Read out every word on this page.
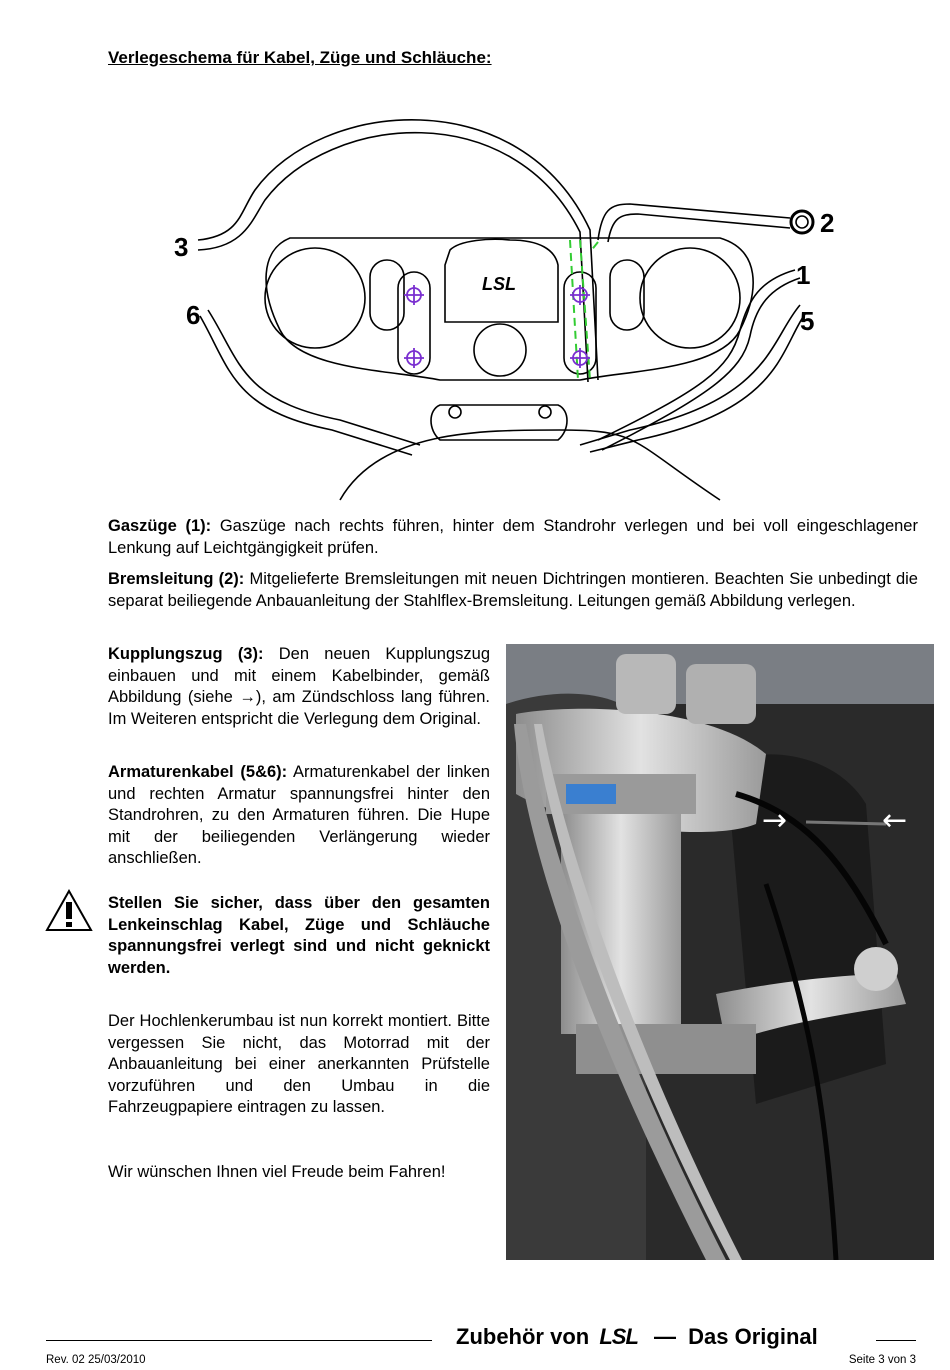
Verlegeschema für Kabel, Züge und Schläuche:
3
6
2
1
5
LSL
Gaszüge (1): Gaszüge nach rechts führen, hinter dem Standrohr verlegen und bei voll eingeschlagener Lenkung auf Leichtgängigkeit prüfen.
Bremsleitung (2): Mitgelieferte Bremsleitungen mit neuen Dichtringen montieren. Beachten Sie unbedingt die separat beiliegende Anbauanleitung der Stahlflex-Bremsleitung. Leitungen gemäß Abbildung verlegen.
Kupplungszug (3): Den neuen Kupplungszug einbauen und mit einem Kabelbinder, gemäß Abbildung (siehe →), am Zündschloss lang führen. Im Weiteren entspricht die Verlegung dem Original.
Armaturenkabel (5&6): Armaturenkabel der linken und rechten Armatur spannungsfrei hinter den Standrohren, zu den Armaturen führen. Die Hupe mit der beiliegenden Verlängerung wieder anschließen.
Stellen Sie sicher, dass über den gesamten Lenkeinschlag Kabel, Züge und Schläuche spannungsfrei verlegt sind und nicht geknickt werden.
Der Hochlenkerumbau ist nun korrekt montiert. Bitte vergessen Sie nicht, das Motorrad mit der Anbauanleitung bei einer anerkannten Prüfstelle vorzuführen und den Umbau in die Fahrzeugpapiere eintragen zu lassen.
Wir wünschen Ihnen viel Freude beim Fahren!
→	←
Zubehör von LSL — Das Original
Rev. 02 25/03/2010	Seite 3 von 3
